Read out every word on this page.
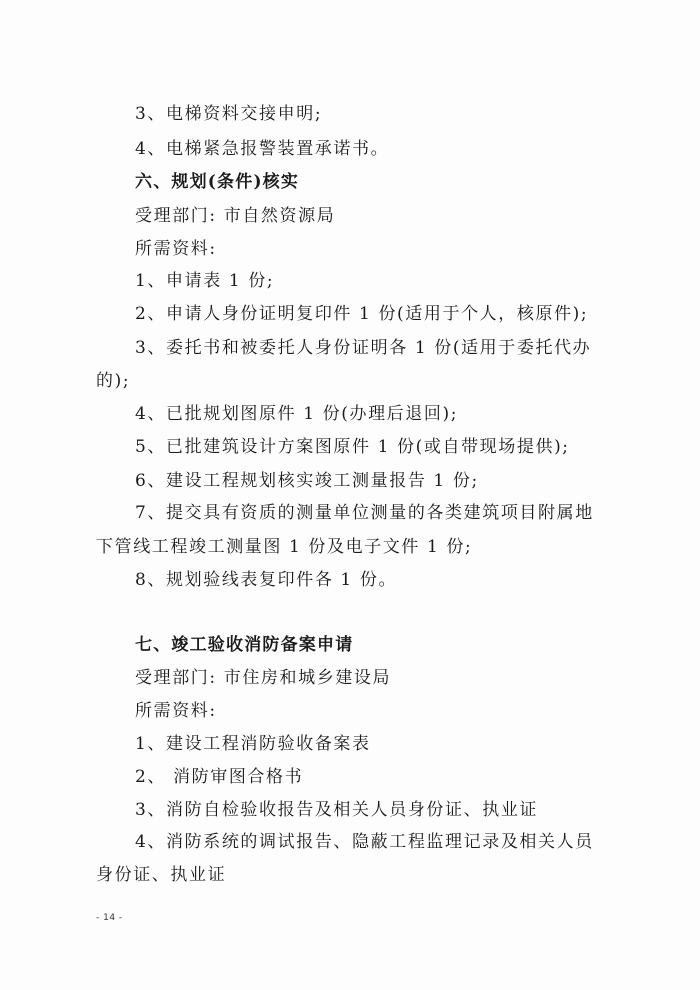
3、电梯资料交接申明;
4、电梯紧急报警装置承诺书。
六、规划(条件)核实
受理部门: 市自然资源局
所需资料:
1、申请表 1 份;
2、申请人身份证明复印件 1 份(适用于个人，核原件);
3、委托书和被委托人身份证明各 1 份(适用于委托代办
的);
4、已批规划图原件 1 份(办理后退回);
5、已批建筑设计方案图原件 1 份(或自带现场提供);
6、建设工程规划核实竣工测量报告 1 份;
7、提交具有资质的测量单位测量的各类建筑项目附属地
下管线工程竣工测量图 1 份及电子文件 1 份;
8、规划验线表复印件各 1 份。
七、竣工验收消防备案申请
受理部门: 市住房和城乡建设局
所需资料:
1、建设工程消防验收备案表
2、 消防审图合格书
3、消防自检验收报告及相关人员身份证、执业证
4、消防系统的调试报告、隐蔽工程监理记录及相关人员
身份证、执业证
- 14 -
